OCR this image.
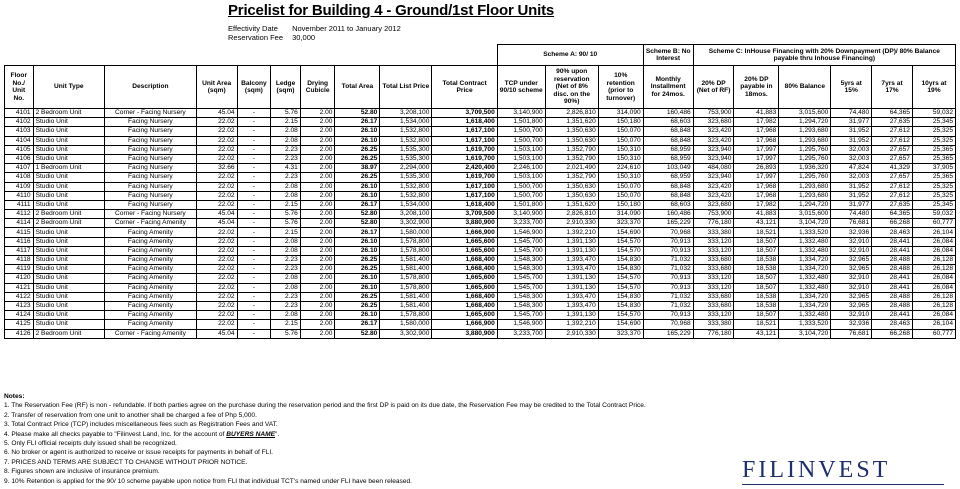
Pricelist for Building 4 - Ground/1st Floor Units
Effectivity Date November 2011 to January 2012
Reservation Fee 30,000
										Scheme A: 90/ 10			Scheme B: No Interest	Scheme C: InHouse Financing with 20% Downpayment (DP)/ 80% Balance payable thru Inhouse Financing)					
Floor No./ Unit No.	Unit Type	Description	Unit Area (sqm)	Balcony (sqm)	Ledge (sqm)	Drying Cubicle	Total Area	Total List Price	Total Contract Price	TCP under 90/10 scheme	90% upon reservation (Net of 8% disc. on the 90%)	10% retention (prior to turnover)	Monthly Installment for 24mos.	20% DP (Net of RF)	20% DP payable in 18mos.	80% Balance	5yrs at 15%	7yrs at 17%	10yrs at 19%
4101	2 Bedroom Unit	Corner - Facing Nursery	45.04	-	5.76	2.00	52.80	3,208,100	3,709,500	3,140,900	2,826,810	314,090	160,486	753,900	41,883	3,015,600	74,480	64,365	59,032
4102	Studio Unit	Facing Nursery	22.02	-	2.15	2.00	26.17	1,534,000	1,618,400	1,501,800	1,351,620	150,180	68,603	323,680	17,982	1,294,720	31,977	27,635	25,345
4103	Studio Unit	Facing Nursery	22.02	-	2.08	2.00	26.10	1,532,800	1,617,100	1,500,700	1,350,630	150,070	68,848	323,420	17,968	1,293,680	31,952	27,612	25,325
4104	Studio Unit	Facing Nursery	22.02	-	2.08	2.00	26.10	1,532,800	1,617,100	1,500,700	1,350,630	150,070	68,848	323,420	17,968	1,293,680	31,952	27,612	25,325
4105	Studio Unit	Facing Nursery	22.02	-	2.23	2.00	26.25	1,535,300	1,619,700	1,503,100	1,352,790	150,310	68,959	323,940	17,997	1,295,760	32,003	27,657	25,365
4106	Studio Unit	Facing Nursery	22.02	-	2.23	2.00	26.25	1,535,300	1,619,700	1,503,100	1,352,790	150,310	68,959	323,940	17,997	1,295,760	32,003	27,657	25,365
4107	1 Bedroom Unit	Facing Nursery	32.66	-	4.31	2.00	38.97	2,294,000	2,420,400	2,246,100	2,021,490	224,610	103,049	484,080	26,893	1,936,320	47,824	41,329	37,905
4108	Studio Unit	Facing Nursery	22.02	-	2.23	2.00	26.25	1,535,300	1,619,700	1,503,100	1,352,790	150,310	68,959	323,940	17,997	1,295,760	32,003	27,657	25,365
4109	Studio Unit	Facing Nursery	22.02	-	2.08	2.00	26.10	1,532,800	1,617,100	1,500,700	1,350,630	150,070	68,848	323,420	17,968	1,293,680	31,952	27,612	25,325
4110	Studio Unit	Facing Nursery	22.02	-	2.08	2.00	26.10	1,532,800	1,617,100	1,500,700	1,350,630	150,070	68,848	323,420	17,968	1,293,680	31,952	27,612	25,325
4111	Studio Unit	Facing Nursery	22.02	-	2.15	2.00	26.17	1,534,000	1,618,400	1,501,800	1,351,620	150,180	68,603	323,680	17,982	1,294,720	31,977	27,635	25,345
4112	2 Bedroom Unit	Corner - Facing Nursery	45.04	-	5.76	2.00	52.80	3,208,100	3,709,500	3,140,900	2,826,810	314,090	160,486	753,900	41,883	3,015,600	74,480	64,365	59,032
4114	2 Bedroom Unit	Corner - Facing Amenity	45.04	-	5.76	2.00	52.80	3,302,900	3,880,900	3,233,700	2,910,330	323,370	165,229	776,180	43,121	3,104,720	76,681	66,268	60,777
4115	Studio Unit	Facing Amenity	22.02	-	2.15	2.00	26.17	1,580,000	1,666,900	1,546,900	1,392,210	154,690	70,968	333,380	18,521	1,333,520	32,936	28,463	26,104
4116	Studio Unit	Facing Amenity	22.02	-	2.08	2.00	26.10	1,578,800	1,665,600	1,545,700	1,391,130	154,570	70,913	333,120	18,507	1,332,480	32,910	28,441	26,084
4117	Studio Unit	Facing Amenity	22.02	-	2.08	2.00	26.10	1,578,800	1,665,600	1,545,700	1,391,130	154,570	70,913	333,120	18,507	1,332,480	32,910	28,441	26,084
4118	Studio Unit	Facing Amenity	22.02	-	2.23	2.00	26.25	1,581,400	1,668,400	1,548,300	1,393,470	154,830	71,032	333,680	18,538	1,334,720	32,965	28,488	26,128
4119	Studio Unit	Facing Amenity	22.02	-	2.23	2.00	26.25	1,581,400	1,668,400	1,548,300	1,393,470	154,830	71,032	333,680	18,538	1,334,720	32,965	28,488	26,128
4120	Studio Unit	Facing Amenity	22.02	-	2.08	2.00	26.10	1,578,800	1,665,600	1,545,700	1,391,130	154,570	70,913	333,120	18,507	1,332,480	32,910	28,441	26,084
4121	Studio Unit	Facing Amenity	22.02	-	2.08	2.00	26.10	1,578,800	1,665,600	1,545,700	1,391,130	154,570	70,913	333,120	18,507	1,332,480	32,910	28,441	26,084
4122	Studio Unit	Facing Amenity	22.02	-	2.23	2.00	26.25	1,581,400	1,668,400	1,548,300	1,393,470	154,830	71,032	333,680	18,538	1,334,720	32,965	28,488	26,128
4123	Studio Unit	Facing Amenity	22.02	-	2.23	2.00	26.25	1,581,400	1,668,400	1,548,300	1,393,470	154,830	71,032	333,680	18,538	1,334,720	32,965	28,488	26,128
4124	Studio Unit	Facing Amenity	22.02	-	2.08	2.00	26.10	1,578,800	1,665,600	1,545,700	1,391,130	154,570	70,913	333,120	18,507	1,332,480	32,910	28,441	26,084
4125	Studio Unit	Facing Amenity	22.02	-	2.15	2.00	26.17	1,580,000	1,666,900	1,546,900	1,392,210	154,690	70,968	333,380	18,521	1,333,520	32,936	28,463	26,104
4126	2 Bedroom Unit	Corner - Facing Amenity	45.04	-	5.76	2.00	52.80	3,302,900	3,880,900	3,233,700	2,910,330	323,370	165,229	776,180	43,121	3,104,720	76,681	66,268	60,777
Notes:
1. The Reservation Fee (RF) is non - refundable. If both parties agree on the purchase during the reservation period and the first DP is paid on its due date, the Reservation Fee may be credited to the Total Contract Price.
2. Transfer of reservation from one unit to another shall be charged a fee of Php 5,000.
3. Total Contract Price (TCP) includes miscellaneous fees such as Registration Fees and VAT.
4. Please make all checks payable to "Filinvest Land, Inc. for the account of BUYERS NAME".
5. Only FLI official receipts duly issued shall be recognized.
6. No broker or agent is authorized to receive or issue receipts for payments in behalf of FLI.
7. PRICES AND TERMS ARE SUBJECT TO CHANGE WITHOUT PRIOR NOTICE.
8. Figures shown are inclusive of insurance premium.
9. 10% Retention is applied for the 90/ 10 scheme payable upon notice from FLI that individual TCT's named under FLI have been released.	FILINVEST
